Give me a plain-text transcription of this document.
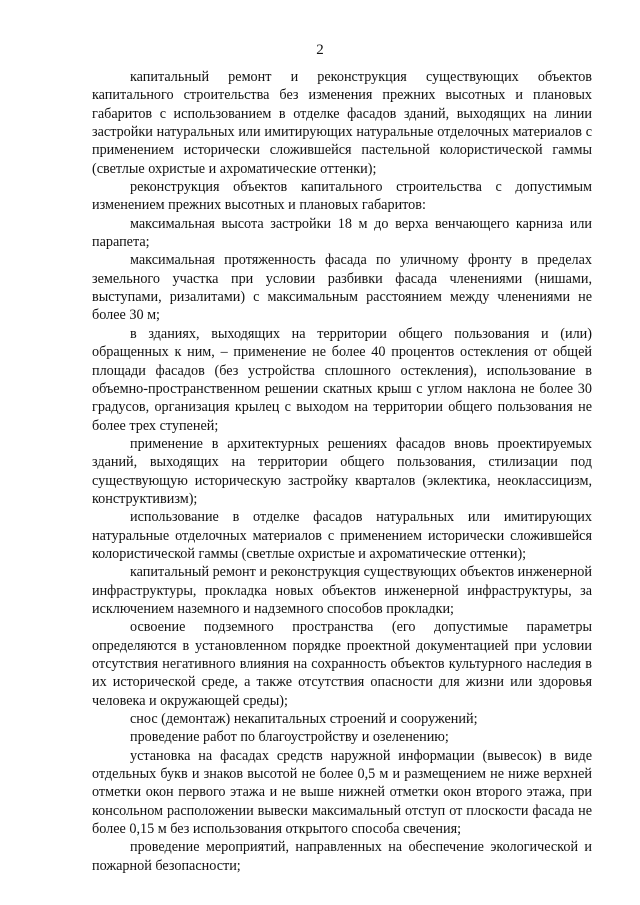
2

капитальный ремонт и реконструкция существующих объектов капитального строительства без изменения прежних высотных и плановых габаритов с использованием в отделке фасадов зданий, выходящих на линии застройки натуральных или имитирующих натуральные отделочных материалов с применением исторически сложившейся пастельной колористической гаммы (светлые охристые и ахроматические оттенки);

реконструкция объектов капитального строительства с допустимым изменением прежних высотных и плановых габаритов:

максимальная высота застройки 18 м до верха венчающего карниза или парапета;

максимальная протяженность фасада по уличному фронту в пределах земельного участка при условии разбивки фасада членениями (нишами, выступами, ризалитами) с максимальным расстоянием между членениями не более 30 м;

в зданиях, выходящих на территории общего пользования и (или) обращенных к ним, – применение не более 40 процентов остекления от общей площади фасадов (без устройства сплошного остекления), использование в объемно-пространственном решении скатных крыш с углом наклона не более 30 градусов, организация крылец с выходом на территории общего пользования не более трех ступеней;

применение в архитектурных решениях фасадов вновь проектируемых зданий, выходящих на территории общего пользования, стилизации под существующую историческую застройку кварталов (эклектика, неоклассицизм, конструктивизм);

использование в отделке фасадов натуральных или имитирующих натуральные отделочных материалов с применением исторически сложившейся колористической гаммы (светлые охристые и ахроматические оттенки);

капитальный ремонт и реконструкция существующих объектов инженерной инфраструктуры, прокладка новых объектов инженерной инфраструктуры, за исключением наземного и надземного способов прокладки;

освоение подземного пространства (его допустимые параметры определяются в установленном порядке проектной документацией при условии отсутствия негативного влияния на сохранность объектов культурного наследия в их исторической среде, а также отсутствия опасности для жизни или здоровья человека и окружающей среды);

снос (демонтаж) некапитальных строений и сооружений;

проведение работ по благоустройству и озеленению;

установка на фасадах средств наружной информации (вывесок) в виде отдельных букв и знаков высотой не более 0,5 м и размещением не ниже верхней отметки окон первого этажа и не выше нижней отметки окон второго этажа, при консольном расположении вывески максимальный отступ от плоскости фасада не более 0,15 м без использования открытого способа свечения;

проведение мероприятий, направленных на обеспечение экологической и пожарной безопасности;
